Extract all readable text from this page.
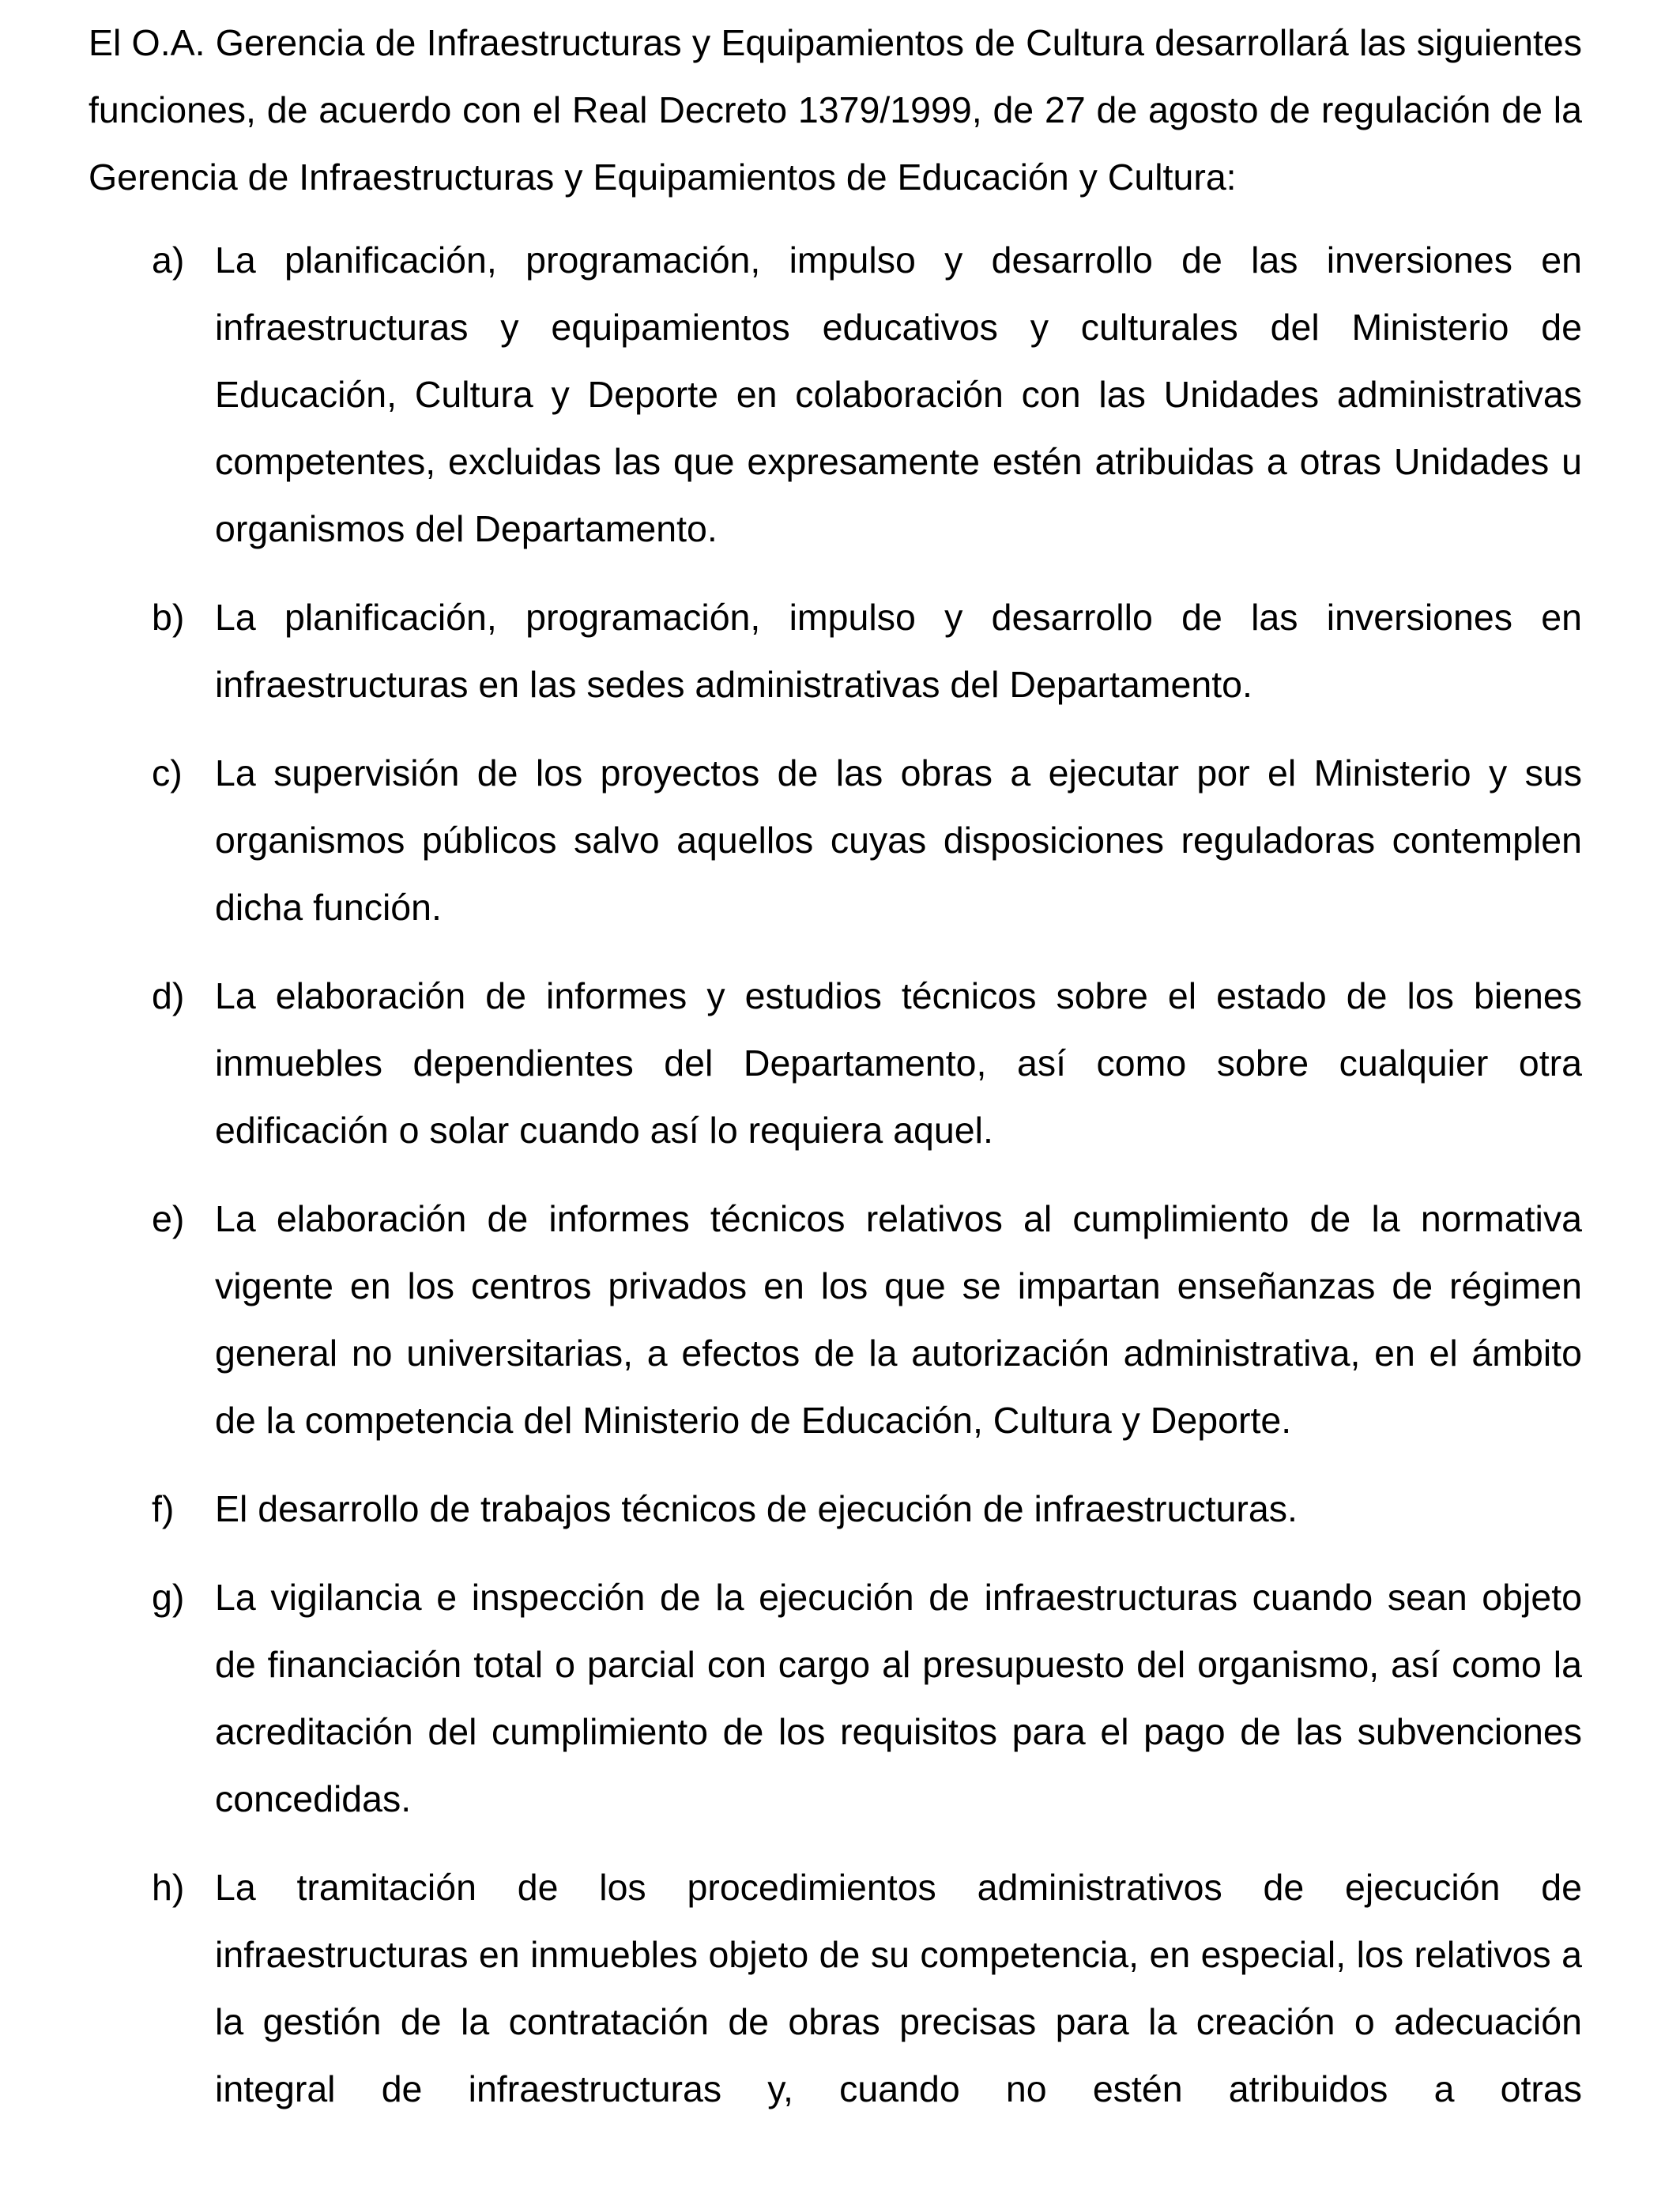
El O.A. Gerencia de Infraestructuras y Equipamientos de Cultura desarrollará las siguientes funciones, de acuerdo con el Real Decreto 1379/1999, de 27 de agosto de regulación de la Gerencia de Infraestructuras y Equipamientos de Educación y Cultura:

a) La planificación, programación, impulso y desarrollo de las inversiones en infraestructuras y equipamientos educativos y culturales del Ministerio de Educación, Cultura y Deporte en colaboración con las Unidades administrativas competentes, excluidas las que expresamente estén atribuidas a otras Unidades u organismos del Departamento.
b) La planificación, programación, impulso y desarrollo de las inversiones en infraestructuras en las sedes administrativas del Departamento.
c) La supervisión de los proyectos de las obras a ejecutar por el Ministerio y sus organismos públicos salvo aquellos cuyas disposiciones reguladoras contemplen dicha función.
d) La elaboración de informes y estudios técnicos sobre el estado de los bienes inmuebles dependientes del Departamento, así como sobre cualquier otra edificación o solar cuando así lo requiera aquel.
e) La elaboración de informes técnicos relativos al cumplimiento de la normativa vigente en los centros privados en los que se impartan enseñanzas de régimen general no universitarias, a efectos de la autorización administrativa, en el ámbito de la competencia del Ministerio de Educación, Cultura y Deporte.
f)	El desarrollo de trabajos técnicos de ejecución de infraestructuras.
g) La vigilancia e inspección de la ejecución de infraestructuras cuando sean objeto de financiación total o parcial con cargo al presupuesto del organismo, así como la acreditación del cumplimiento de los requisitos para el pago de las subvenciones concedidas.
h) La tramitación de los procedimientos administrativos de ejecución de infraestructuras en inmuebles objeto de su competencia, en especial, los relativos a la gestión de la contratación de obras precisas para la creación o adecuación integral de infraestructuras y, cuando no estén atribuidos a otras
